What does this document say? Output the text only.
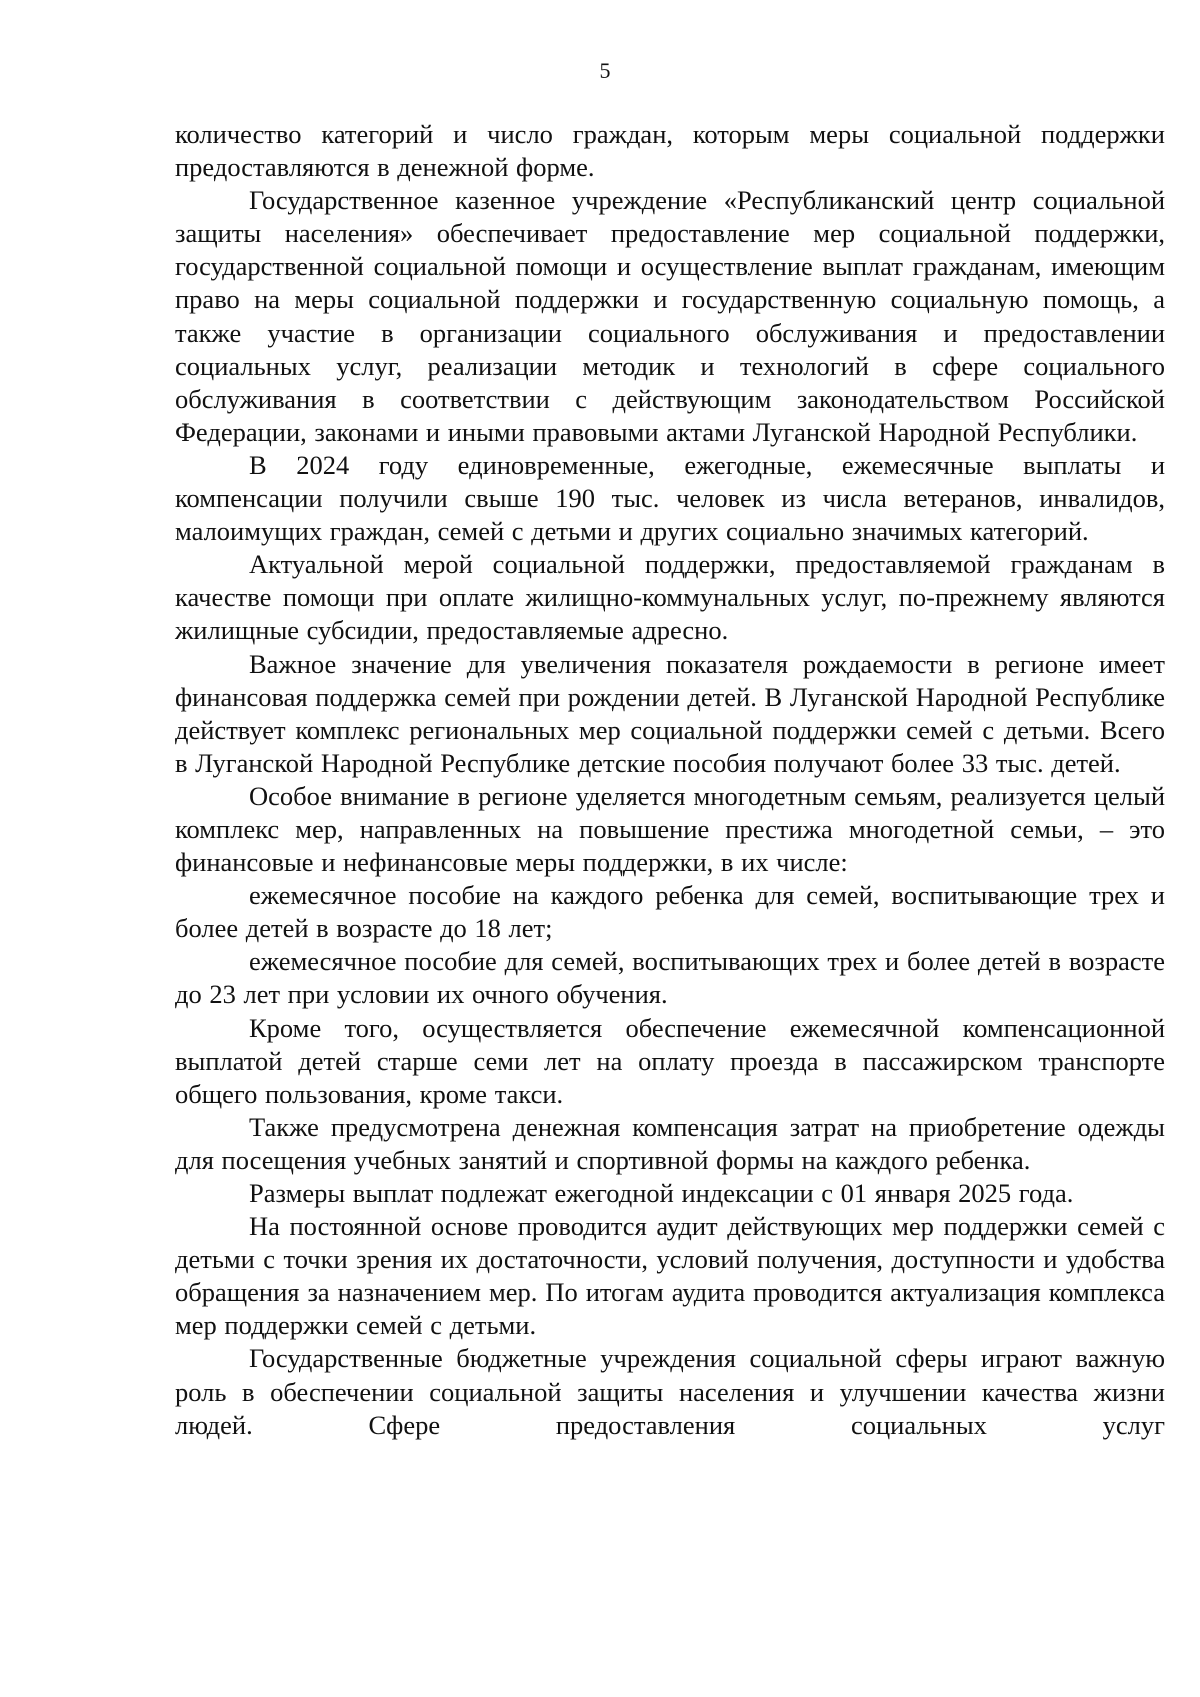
5

количество категорий и число граждан, которым меры социальной поддержки предоставляются в денежной форме.

Государственное казенное учреждение «Республиканский центр социальной защиты населения» обеспечивает предоставление мер социальной поддержки, государственной социальной помощи и осуществление выплат гражданам, имеющим право на меры социальной поддержки и государственную социальную помощь, а также участие в организации социального обслуживания и предоставлении социальных услуг, реализации методик и технологий в сфере социального обслуживания в соответствии с действующим законодательством Российской Федерации, законами и иными правовыми актами Луганской Народной Республики.

В 2024 году единовременные, ежегодные, ежемесячные выплаты и компенсации получили свыше 190 тыс. человек из числа ветеранов, инвалидов, малоимущих граждан, семей с детьми и других социально значимых категорий.

Актуальной мерой социальной поддержки, предоставляемой гражданам в качестве помощи при оплате жилищно-коммунальных услуг, по-прежнему являются жилищные субсидии, предоставляемые адресно.

Важное значение для увеличения показателя рождаемости в регионе имеет финансовая поддержка семей при рождении детей. В Луганской Народной Республике действует комплекс региональных мер социальной поддержки семей с детьми. Всего в Луганской Народной Республике детские пособия получают более 33 тыс. детей.

Особое внимание в регионе уделяется многодетным семьям, реализуется целый комплекс мер, направленных на повышение престижа многодетной семьи, – это финансовые и нефинансовые меры поддержки, в их числе:

ежемесячное пособие на каждого ребенка для семей, воспитывающие трех и более детей в возрасте до 18 лет;

ежемесячное пособие для семей, воспитывающих трех и более детей в возрасте до 23 лет при условии их очного обучения.

Кроме того, осуществляется обеспечение ежемесячной компенсационной выплатой детей старше семи лет на оплату проезда в пассажирском транспорте общего пользования, кроме такси.

Также предусмотрена денежная компенсация затрат на приобретение одежды для посещения учебных занятий и спортивной формы на каждого ребенка.

Размеры выплат подлежат ежегодной индексации с 01 января 2025 года.

На постоянной основе проводится аудит действующих мер поддержки семей с детьми с точки зрения их достаточности, условий получения, доступности и удобства обращения за назначением мер. По итогам аудита проводится актуализация комплекса мер поддержки семей с детьми.

Государственные бюджетные учреждения социальной сферы играют важную роль в обеспечении социальной защиты населения и улучшении качества жизни людей. Сфере предоставления социальных услуг
